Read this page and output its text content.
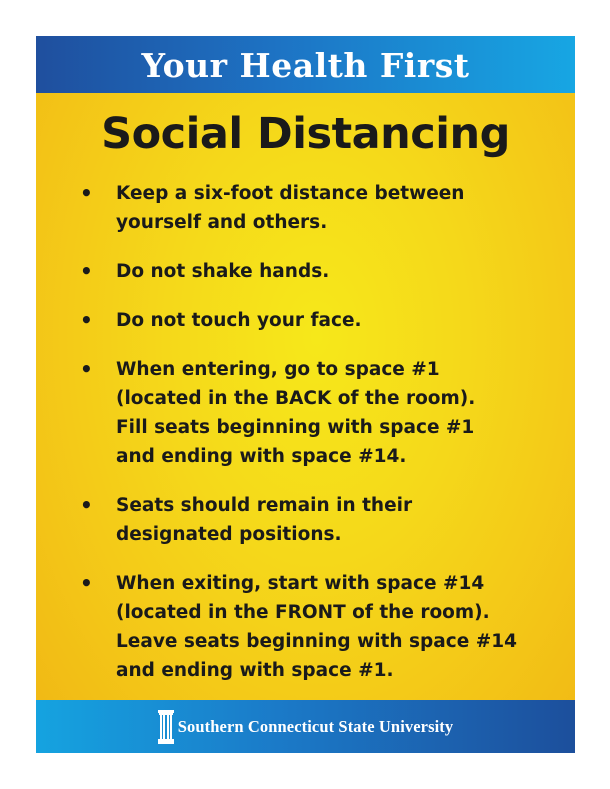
Your Health First
Social Distancing
•	Keep a six-foot distance between
yourself and others.
•	Do not shake hands.
•	Do not touch your face.
•	When entering, go to space #1
(located in the BACK of the room).
Fill seats beginning with space #1
and ending with space #14.
•	Seats should remain in their
designated positions.
•	When exiting, start with space #14
(located in the FRONT of the room).
Leave seats beginning with space #14
and ending with space #1.
Southern Connecticut State University
